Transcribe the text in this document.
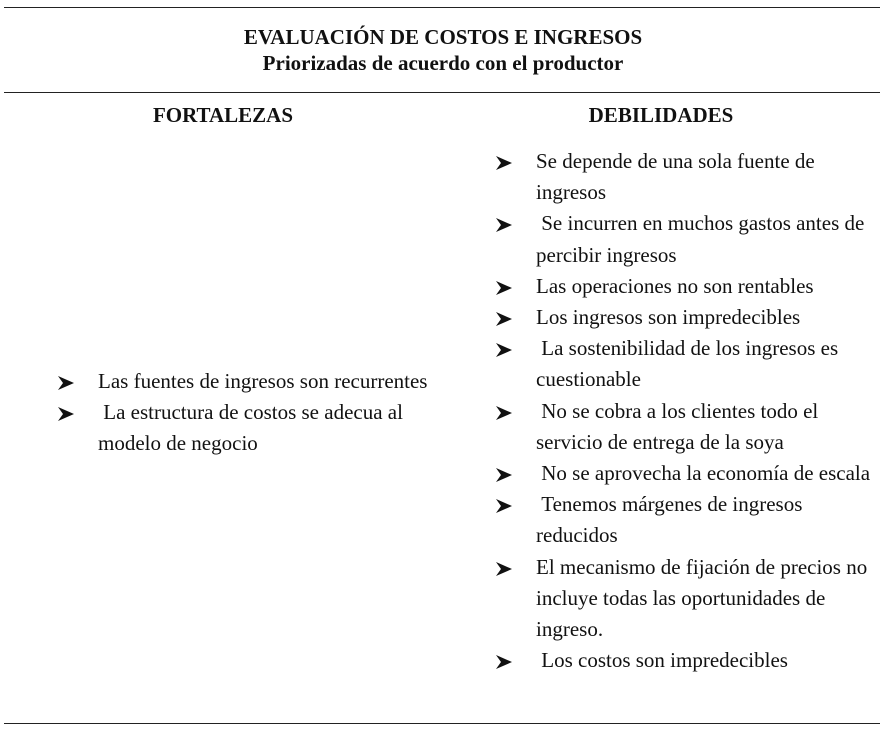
EVALUACIÓN DE COSTOS E INGRESOS
Priorizadas de acuerdo con el productor
FORTALEZAS	DEBILIDADES
Las fuentes de ingresos son recurrentes
La estructura de costos se adecua al modelo de negocio
Se depende de una sola fuente de ingresos
Se incurren en muchos gastos antes de percibir ingresos
Las operaciones no son rentables
Los ingresos son impredecibles
La sostenibilidad de los ingresos es cuestionable
No se cobra a los clientes todo el servicio de entrega de la soya
No se aprovecha la economía de escala
Tenemos márgenes de ingresos reducidos
El mecanismo de fijación de precios no incluye todas las oportunidades de ingreso.
Los costos son impredecibles
